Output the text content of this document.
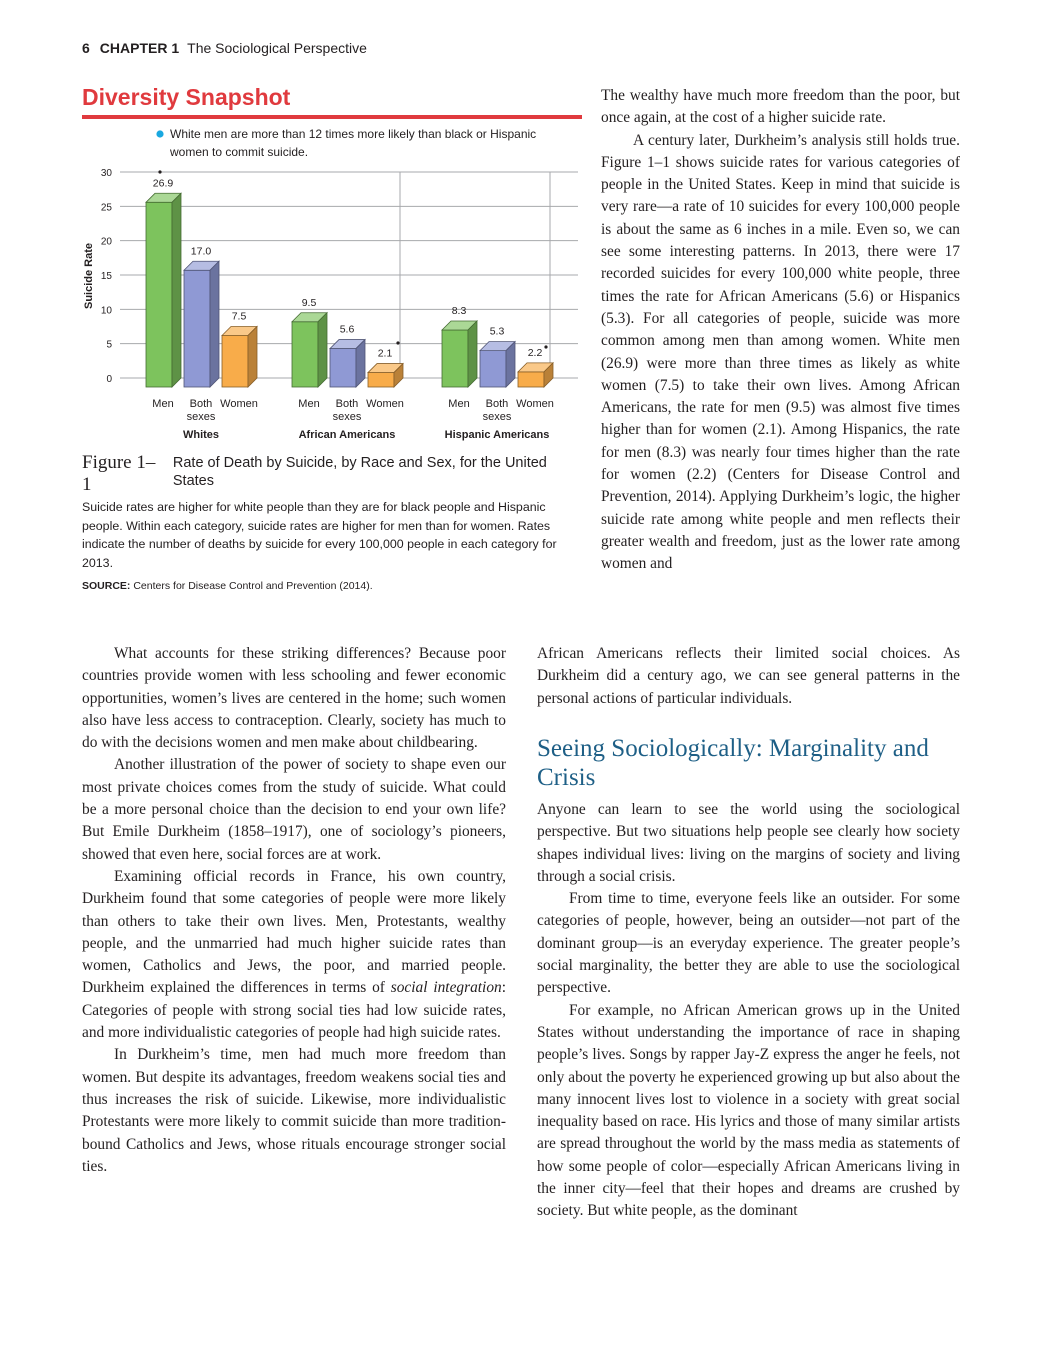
6 CHAPTER 1 The Sociological Perspective
Diversity Snapshot
White men are more than 12 times more likely than black or Hispanic
women to commit suicide.
0
5
10
15
20
25
30
Suicide Rate
26.9
Men
17.0
Both
sexes
7.5
Women
Whites
9.5
Men
5.6
Both
sexes
2.1
Women
African Americans
8.3
Men
5.3
Both
sexes
2.2
Women
Hispanic Americans
Figure 1–1
Rate of Death by Suicide, by Race and Sex, for the United States
Suicide rates are higher for white people than they are for black people and Hispanic people. Within each category, suicide rates are higher for men than for women. Rates indicate the number of deaths by suicide for every 100,000 people in each category for 2013.
SOURCE: Centers for Disease Control and Prevention (2014).

The wealthy have much more freedom than the poor, but once again, at the cost of a higher suicide rate.

A century later, Durkheim’s analysis still holds true. Figure 1–1 shows suicide rates for various categories of people in the United States. Keep in mind that suicide is very rare—a rate of 10 suicides for every 100,000 people is about the same as 6 inches in a mile. Even so, we can see some interesting patterns. In 2013, there were 17 recorded suicides for every 100,000 white people, three times the rate for African Americans (5.6) or Hispanics (5.3). For all categories of people, suicide was more common among men than among women. White men (26.9) were more than three times as likely as white women (7.5) to take their own lives. Among African Americans, the rate for men (9.5) was almost five times higher than for women (2.1). Among Hispanics, the rate for men (8.3) was nearly four times higher than the rate for women (2.2) (Centers for Disease Control and Prevention, 2014). Applying Durkheim’s logic, the higher suicide rate among white people and men reflects their greater wealth and freedom, just as the lower rate among women and

African Americans reflects their limited social choices. As Durkheim did a century ago, we can see general patterns in the personal actions of particular individuals.

What accounts for these striking differences? Because poor countries provide women with less schooling and fewer economic opportunities, women’s lives are centered in the home; such women also have less access to contraception. Clearly, society has much to do with the decisions women and men make about childbearing.

Another illustration of the power of society to shape even our most private choices comes from the study of suicide. What could be a more personal choice than the decision to end your own life? But Emile Durkheim (1858–1917), one of sociology’s pioneers, showed that even here, social forces are at work.

Examining official records in France, his own country, Durkheim found that some categories of people were more likely than others to take their own lives. Men, Protestants, wealthy people, and the unmarried had much higher suicide rates than women, Catholics and Jews, the poor, and married people. Durkheim explained the differences in terms of social integration: Categories of people with strong social ties had low suicide rates, and more individualistic categories of people had high suicide rates.

In Durkheim’s time, men had much more freedom than women. But despite its advantages, freedom weakens social ties and thus increases the risk of suicide. Likewise, more individualistic Protestants were more likely to commit suicide than more tradition-bound Catholics and Jews, whose rituals encourage stronger social ties.

Seeing Sociologically: Marginality and Crisis

Anyone can learn to see the world using the sociological perspective. But two situations help people see clearly how society shapes individual lives: living on the margins of society and living through a social crisis.

From time to time, everyone feels like an outsider. For some categories of people, however, being an outsider—not part of the dominant group—is an everyday experience. The greater people’s social marginality, the better they are able to use the sociological perspective.

For example, no African American grows up in the United States without understanding the importance of race in shaping people’s lives. Songs by rapper Jay-Z express the anger he feels, not only about the poverty he experienced growing up but also about the many innocent lives lost to violence in a society with great social inequality based on race. His lyrics and those of many similar artists are spread throughout the world by the mass media as statements of how some people of color—especially African Americans living in the inner city—feel that their hopes and dreams are crushed by society. But white people, as the dominant
